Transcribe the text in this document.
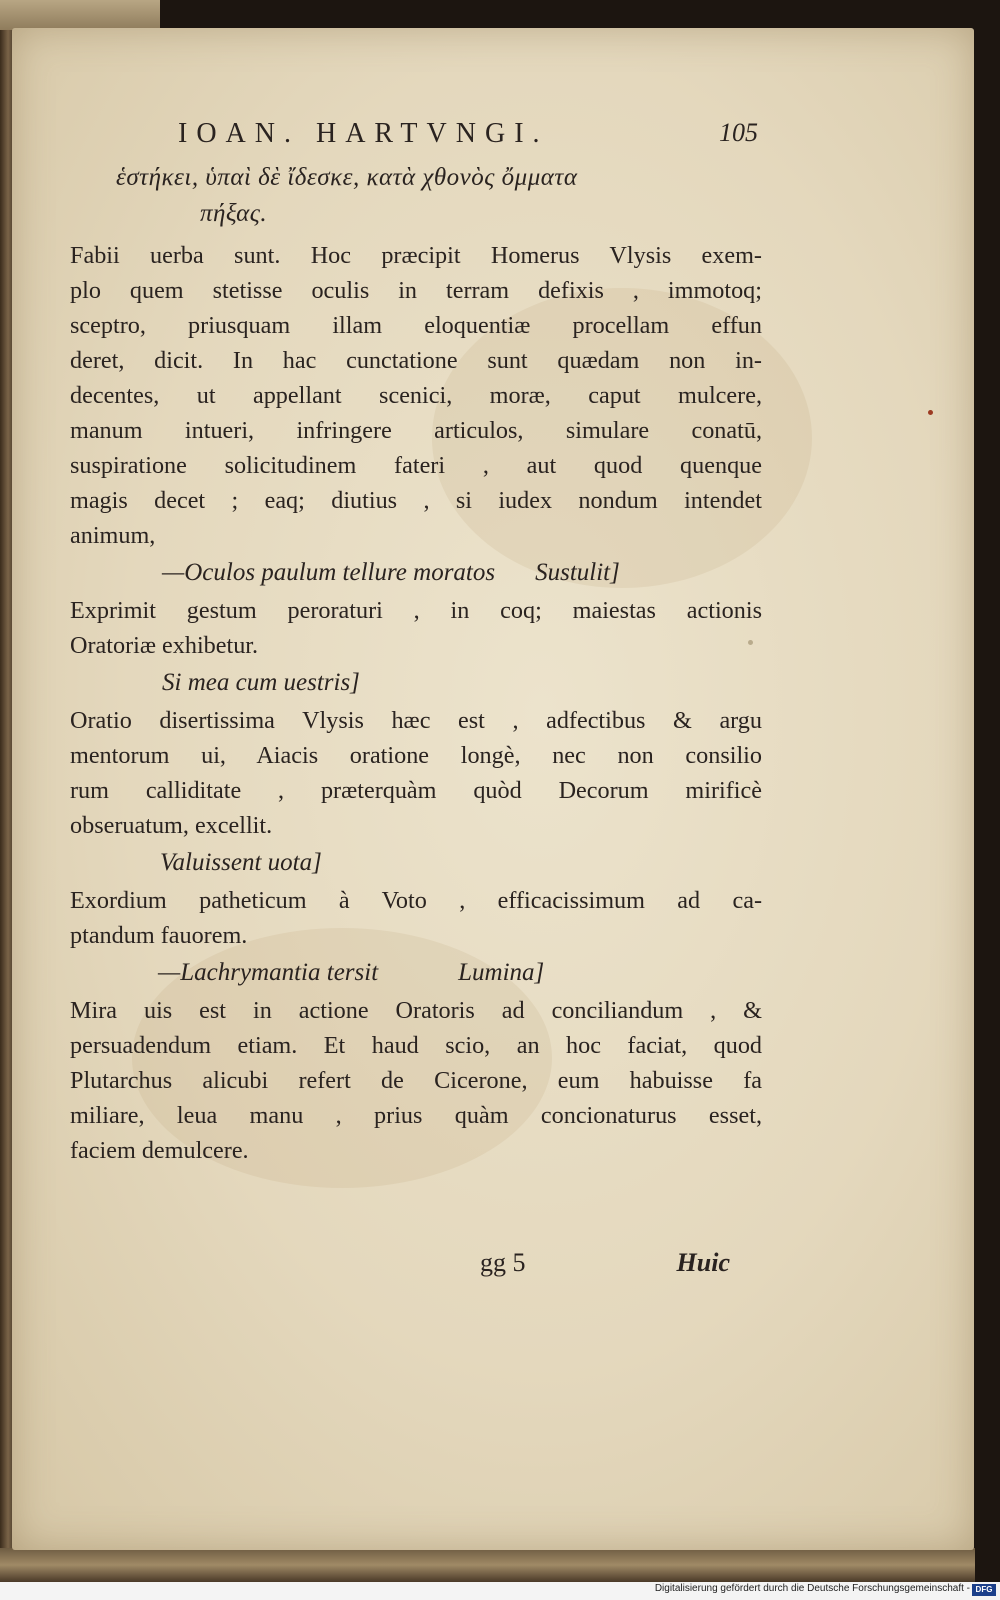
IOAN. HARTVNGI.	105
ἑστήκει, ὑπαὶ δὲ ἴδεσκε, κατὰ χθονὸς ὄμματα
πήξας.
Fabii uerba sunt. Hoc præcipit Homerus Vlysis exem-
plo quem stetisse oculis in terram defixis , immotoq;
sceptro, priusquam illam eloquentiæ procellam effun
deret, dicit. In hac cunctatione sunt quædam non in-
decentes, ut appellant scenici, moræ, caput mulcere,
manum intueri, infringere articulos, simulare conatū,
suspiratione solicitudinem fateri , aut quod quenque
magis decet ; eaq; diutius , si iudex nondum intendet
animum,
—Oculos paulum tellure moratos Sustulit]
Exprimit gestum peroraturi , in coq; maiestas actionis
Oratoriæ exhibetur.
Si mea cum uestris]
Oratio disertissima Vlysis hæc est , adfectibus & argu
mentorum ui, Aiacis oratione longè, nec non consilio
rum calliditate , præterquàm quòd Decorum mirificè
obseruatum, excellit.
Valuissent uota]
Exordium patheticum à Voto , efficacissimum ad ca-
ptandum fauorem.
—Lachrymantia tersit	Lumina]
Mira uis est in actione Oratoris ad conciliandum , &
persuadendum etiam. Et haud scio, an hoc faciat, quod
Plutarchus alicubi refert de Cicerone, eum habuisse fa
miliare, leua manu , prius quàm concionaturus esset,
faciem demulcere.
gg 5	Huic
Digitalisierung gefördert durch die Deutsche Forschungsgemeinschaft - DFG
